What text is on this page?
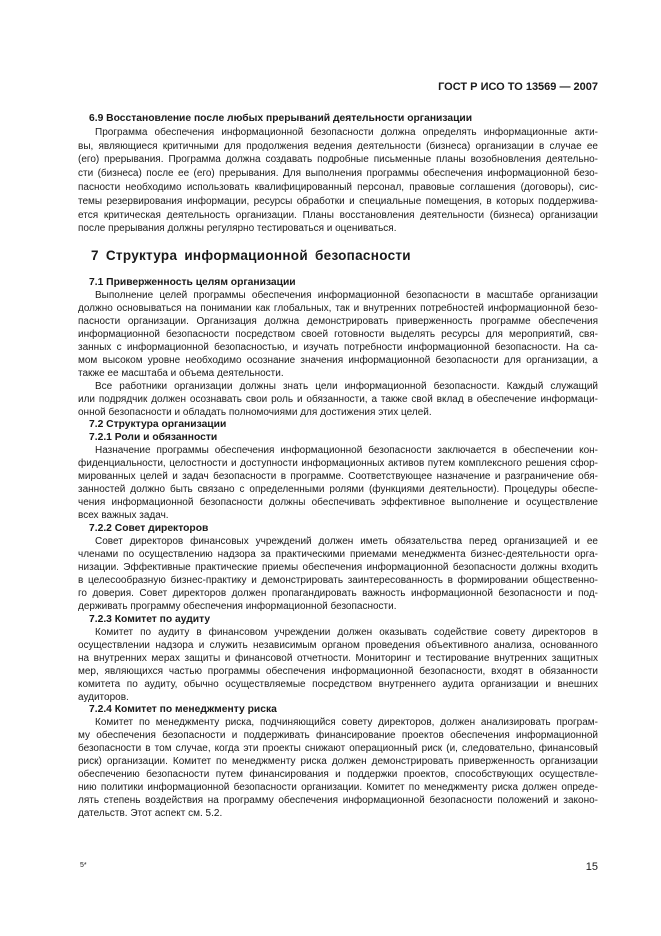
ГОСТ Р ИСО ТО 13569 — 2007
6.9 Восстановление после любых прерываний деятельности организации
Программа обеспечения информационной безопасности должна определять информационные акти-
вы, являющиеся критичными для продолжения ведения деятельности (бизнеса) организации в случае ее
(его) прерывания. Программа должна создавать подробные письменные планы возобновления деятельно-
сти (бизнеса) после ее (его) прерывания. Для выполнения программы обеспечения информационной безо-
пасности необходимо использовать квалифицированный персонал, правовые соглашения (договоры), сис-
темы резервирования информации, ресурсы обработки и специальные помещения, в которых поддержива-
ется критическая деятельность организации. Планы восстановления деятельности (бизнеса) организации
после прерывания должны регулярно тестироваться и оцениваться.
7 Структура информационной безопасности
7.1 Приверженность целям организации
Выполнение целей программы обеспечения информационной безопасности в масштабе организации
должно основываться на понимании как глобальных, так и внутренних потребностей информационной безо-
пасности организации. Организация должна демонстрировать приверженность программе обеспечения
информационной безопасности посредством своей готовности выделять ресурсы для мероприятий, свя-
занных с информационной безопасностью, и изучать потребности информационной безопасности. На са-
мом высоком уровне необходимо осознание значения информационной безопасности для организации, а
также ее масштаба и объема деятельности.
Все работники организации должны знать цели информационной безопасности. Каждый служащий
или подрядчик должен осознавать свои роль и обязанности, а также свой вклад в обеспечение информаци-
онной безопасности и обладать полномочиями для достижения этих целей.
7.2 Структура организации
7.2.1 Роли и обязанности
Назначение программы обеспечения информационной безопасности заключается в обеспечении кон-
фиденциальности, целостности и доступности информационных активов путем комплексного решения сфор-
мированных целей и задач безопасности в программе. Соответствующее назначение и разграничение обя-
занностей должно быть связано с определенными ролями (функциями деятельности). Процедуры обеспе-
чения информационной безопасности должны обеспечивать эффективное выполнение и осуществление
всех важных задач.
7.2.2 Совет директоров
Совет директоров финансовых учреждений должен иметь обязательства перед организацией и ее
членами по осуществлению надзора за практическими приемами менеджмента бизнес-деятельности орга-
низации. Эффективные практические приемы обеспечения информационной безопасности должны входить
в целесообразную бизнес-практику и демонстрировать заинтересованность в формировании общественно-
го доверия. Совет директоров должен пропагандировать важность информационной безопасности и под-
держивать программу обеспечения информационной безопасности.
7.2.3 Комитет по аудиту
Комитет по аудиту в финансовом учреждении должен оказывать содействие совету директоров в
осуществлении надзора и служить независимым органом проведения объективного анализа, основанного
на внутренних мерах защиты и финансовой отчетности. Мониторинг и тестирование внутренних защитных
мер, являющихся частью программы обеспечения информационной безопасности, входят в обязанности
комитета по аудиту, обычно осуществляемые посредством внутреннего аудита организации и внешних
аудиторов.
7.2.4 Комитет по менеджменту риска
Комитет по менеджменту риска, подчиняющийся совету директоров, должен анализировать програм-
му обеспечения безопасности и поддерживать финансирование проектов обеспечения информационной
безопасности в том случае, когда эти проекты снижают операционный риск (и, следовательно, финансовый
риск) организации. Комитет по менеджменту риска должен демонстрировать приверженность организации
обеспечению безопасности путем финансирования и поддержки проектов, способствующих осуществле-
нию политики информационной безопасности организации. Комитет по менеджменту риска должен опреде-
лять степень воздействия на программу обеспечения информационной безопасности положений и законо-
дательств. Этот аспект см. 5.2.
5*	15
